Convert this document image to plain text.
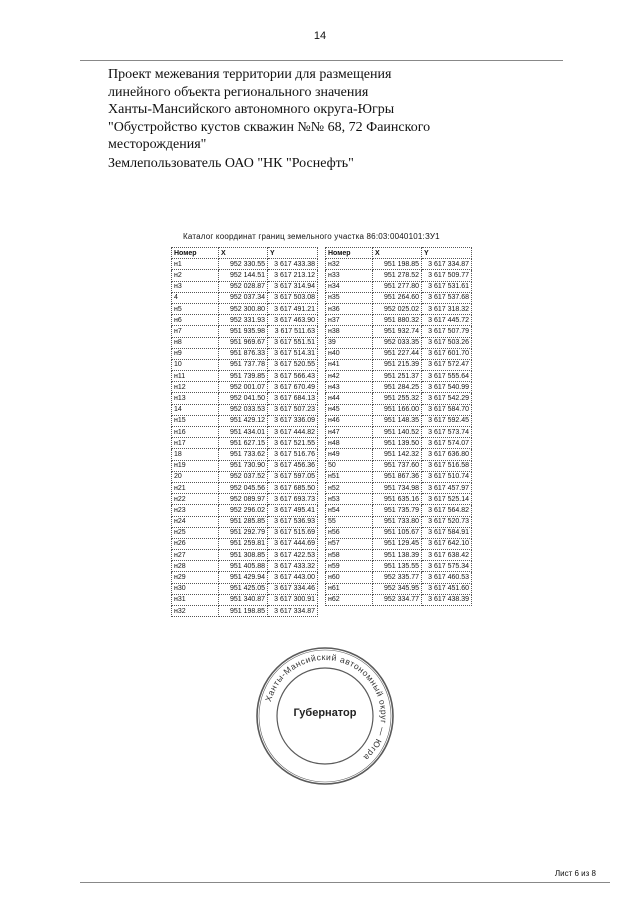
14
Проект межевания территории для размещения
линейного объекта регионального значения
Ханты-Мансийского автономного округа-Югры
"Обустройство кустов скважин №№ 68, 72 Фаинского
месторождения"
Землепользователь ОАО "НК "Роснефть"
Каталог координат границ земельного участка 86:03:0040101:ЗУ1
Номер	X	Y
н1	952 330.55	3 617 433.38
н2	952 144.51	3 617 213.12
н3	952 028.87	3 617 314.94
4	952 037.34	3 617 503.08
н5	952 300.80	3 617 491.21
н6	952 331.93	3 617 463.90
н7	951 935.98	3 617 511.63
н8	951 969.67	3 617 551.51
н9	951 876.33	3 617 514.31
10	951 737.78	3 617 520.55
н11	951 739.85	3 617 566.43
н12	952 001.07	3 617 670.49
н13	952 041.50	3 617 684.13
14	952 033.53	3 617 507.23
н15	951 429.12	3 617 336.09
н16	951 434.01	3 617 444.82
н17	951 627.15	3 617 521.55
18	951 733.62	3 617 516.76
н19	951 730.90	3 617 456.36
20	952 037.52	3 617 597.05
н21	952 045.56	3 617 685.50
н22	952 089.97	3 617 693.73
н23	952 296.02	3 617 495.41
н24	951 285.85	3 617 536.93
н25	951 292.79	3 617 515.69
н26	951 259.81	3 617 444.69
н27	951 308.85	3 617 422.53
н28	951 405.88	3 617 433.32
н29	951 429.94	3 617 443.00
н30	951 425.05	3 617 334.46
н31	951 340.87	3 617 300.91
н32	951 198.85	3 617 334.87
Номер	X	Y
н32	951 198.85	3 617 334.87
н33	951 278.52	3 617 509.77
н34	951 277.80	3 617 531.61
н35	951 264.60	3 617 537.68
н36	952 025.02	3 617 318.32
н37	951 880.32	3 617 445.72
н38	951 932.74	3 617 507.79
39	952 033.35	3 617 503.26
н40	951 227.44	3 617 601.70
н41	951 215.39	3 617 572.47
н42	951 251.37	3 617 555.64
н43	951 284.25	3 617 540.99
н44	951 255.32	3 617 542.29
н45	951 166.00	3 617 584.70
н46	951 148.35	3 617 592.45
н47	951 140.52	3 617 573.74
н48	951 139.50	3 617 574.07
н49	951 142.32	3 617 636.80
50	951 737.60	3 617 516.58
н51	951 867.36	3 617 510.74
н52	951 734.98	3 617 457.97
н53	951 635.16	3 617 525.14
н54	951 735.79	3 617 564.82
55	951 733.80	3 617 520.73
н56	951 105.67	3 617 584.91
н57	951 129.45	3 617 642.10
н58	951 138.39	3 617 638.42
н59	951 135.55	3 617 575.34
н60	952 335.77	3 617 460.53
н61	952 345.95	3 617 451.60
н62	952 334.77	3 617 438.39
Ханты-Мансийский автономный округ — Югра
Губернатор
Лист 6 из 8
